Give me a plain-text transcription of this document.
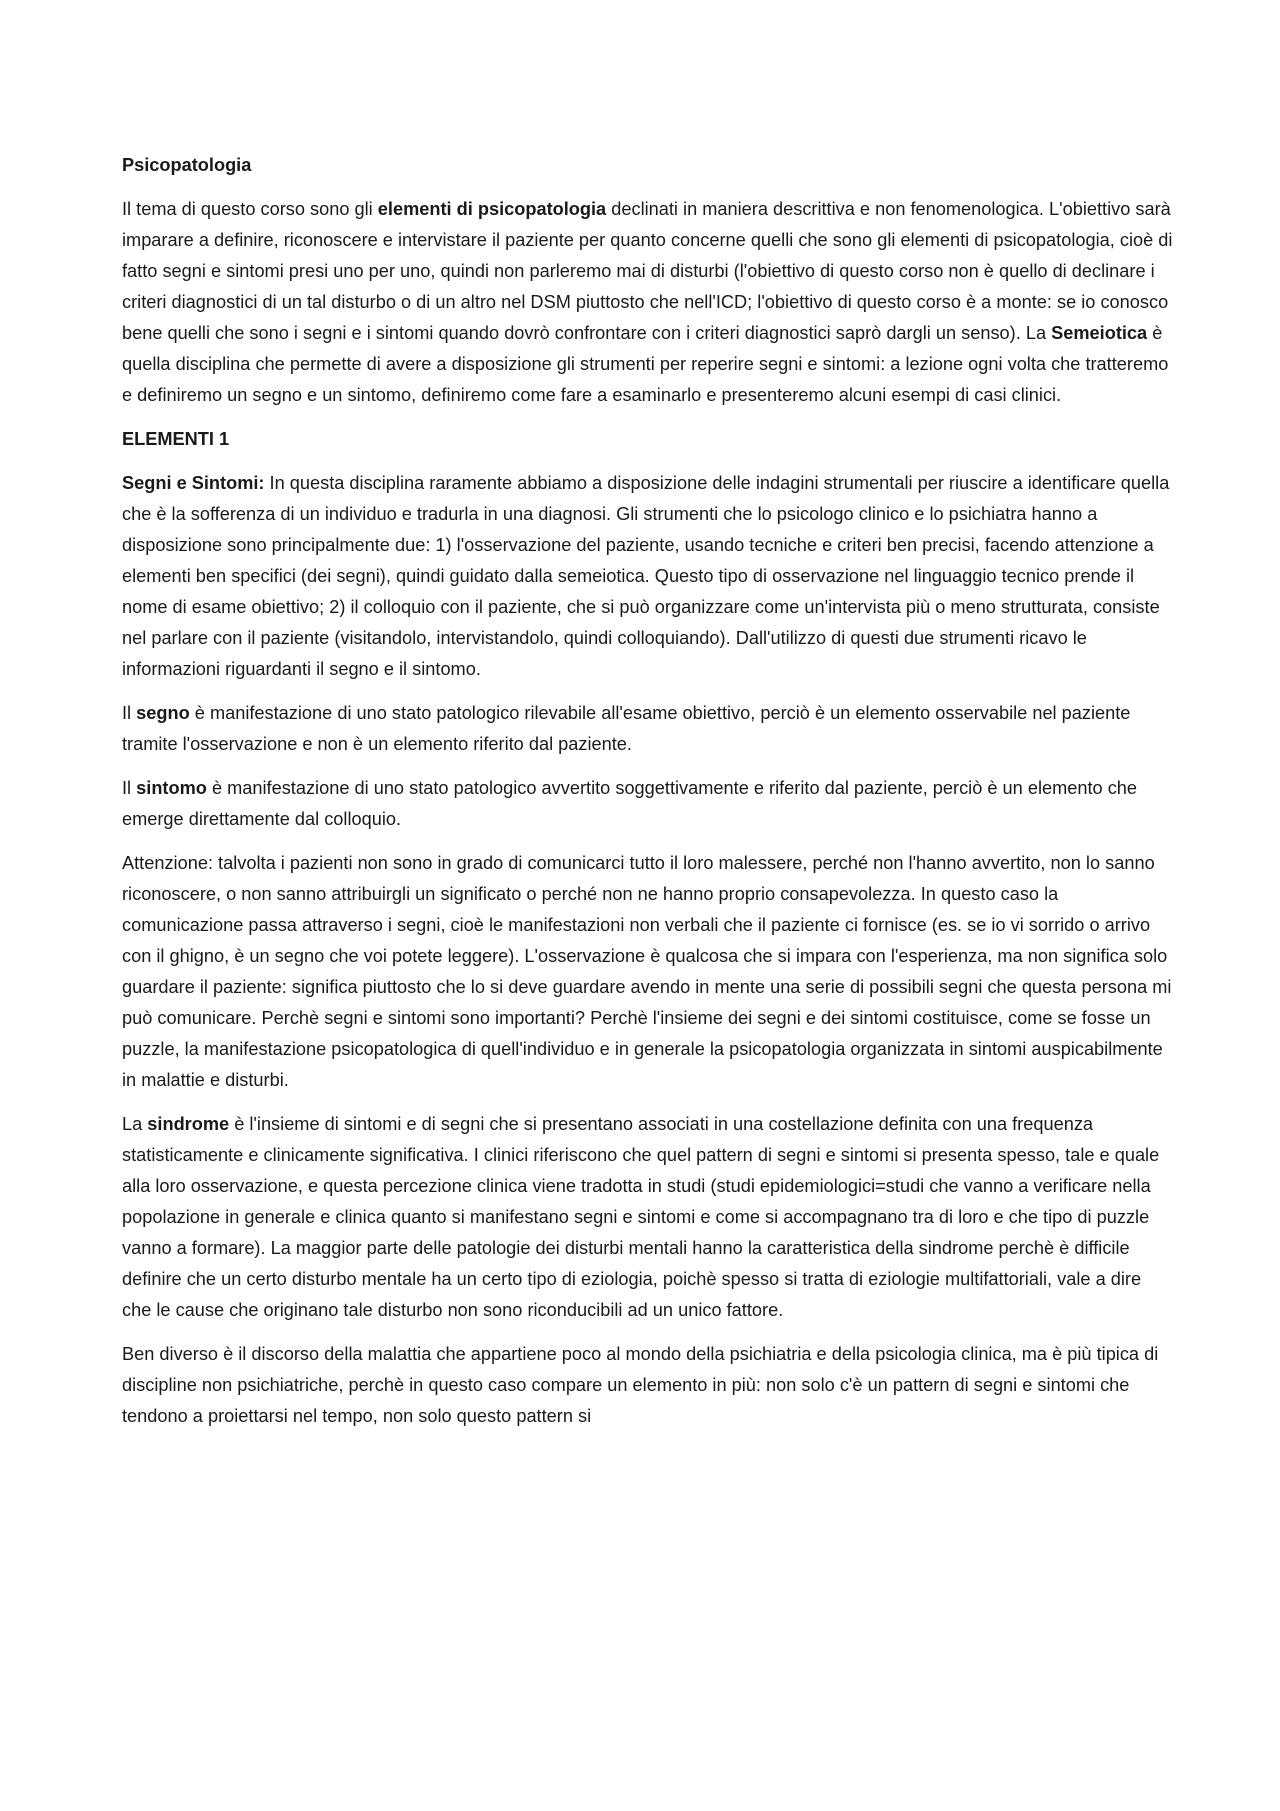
Psicopatologia

Il tema di questo corso sono gli elementi di psicopatologia declinati in maniera descrittiva e non fenomenologica. L'obiettivo sarà imparare a definire, riconoscere e intervistare il paziente per quanto concerne quelli che sono gli elementi di psicopatologia, cioè di fatto segni e sintomi presi uno per uno, quindi non parleremo mai di disturbi (l'obiettivo di questo corso non è quello di declinare i criteri diagnostici di un tal disturbo o di un altro nel DSM piuttosto che nell'ICD; l'obiettivo di questo corso è a monte: se io conosco bene quelli che sono i segni e i sintomi quando dovrò confrontare con i criteri diagnostici saprò dargli un senso). La Semeiotica è quella disciplina che permette di avere a disposizione gli strumenti per reperire segni e sintomi: a lezione ogni volta che tratteremo e definiremo un segno e un sintomo, definiremo come fare a esaminarlo e presenteremo alcuni esempi di casi clinici.

ELEMENTI 1

Segni e Sintomi: In questa disciplina raramente abbiamo a disposizione delle indagini strumentali per riuscire a identificare quella che è la sofferenza di un individuo e tradurla in una diagnosi. Gli strumenti che lo psicologo clinico e lo psichiatra hanno a disposizione sono principalmente due: 1) l'osservazione del paziente, usando tecniche e criteri ben precisi, facendo attenzione a elementi ben specifici (dei segni), quindi guidato dalla semeiotica. Questo tipo di osservazione nel linguaggio tecnico prende il nome di esame obiettivo; 2) il colloquio con il paziente, che si può organizzare come un'intervista più o meno strutturata, consiste nel parlare con il paziente (visitandolo, intervistandolo, quindi colloquiando). Dall'utilizzo di questi due strumenti ricavo le informazioni riguardanti il segno e il sintomo.

Il segno è manifestazione di uno stato patologico rilevabile all'esame obiettivo, perciò è un elemento osservabile nel paziente tramite l'osservazione e non è un elemento riferito dal paziente.

Il sintomo è manifestazione di uno stato patologico avvertito soggettivamente e riferito dal paziente, perciò è un elemento che emerge direttamente dal colloquio.

Attenzione: talvolta i pazienti non sono in grado di comunicarci tutto il loro malessere, perché non l'hanno avvertito, non lo sanno riconoscere, o non sanno attribuirgli un significato o perché non ne hanno proprio consapevolezza. In questo caso la comunicazione passa attraverso i segni, cioè le manifestazioni non verbali che il paziente ci fornisce (es. se io vi sorrido o arrivo con il ghigno, è un segno che voi potete leggere). L'osservazione è qualcosa che si impara con l'esperienza, ma non significa solo guardare il paziente: significa piuttosto che lo si deve guardare avendo in mente una serie di possibili segni che questa persona mi può comunicare. Perchè segni e sintomi sono importanti? Perchè l'insieme dei segni e dei sintomi costituisce, come se fosse un puzzle, la manifestazione psicopatologica di quell'individuo e in generale la psicopatologia organizzata in sintomi auspicabilmente in malattie e disturbi.

La sindrome è l'insieme di sintomi e di segni che si presentano associati in una costellazione definita con una frequenza statisticamente e clinicamente significativa. I clinici riferiscono che quel pattern di segni e sintomi si presenta spesso, tale e quale alla loro osservazione, e questa percezione clinica viene tradotta in studi (studi epidemiologici=studi che vanno a verificare nella popolazione in generale e clinica quanto si manifestano segni e sintomi e come si accompagnano tra di loro e che tipo di puzzle vanno a formare). La maggior parte delle patologie dei disturbi mentali hanno la caratteristica della sindrome perchè è difficile definire che un certo disturbo mentale ha un certo tipo di eziologia, poichè spesso si tratta di eziologie multifattoriali, vale a dire che le cause che originano tale disturbo non sono riconducibili ad un unico fattore.

Ben diverso è il discorso della malattia che appartiene poco al mondo della psichiatria e della psicologia clinica, ma è più tipica di discipline non psichiatriche, perchè in questo caso compare un elemento in più: non solo c'è un pattern di segni e sintomi che tendono a proiettarsi nel tempo, non solo questo pattern si
